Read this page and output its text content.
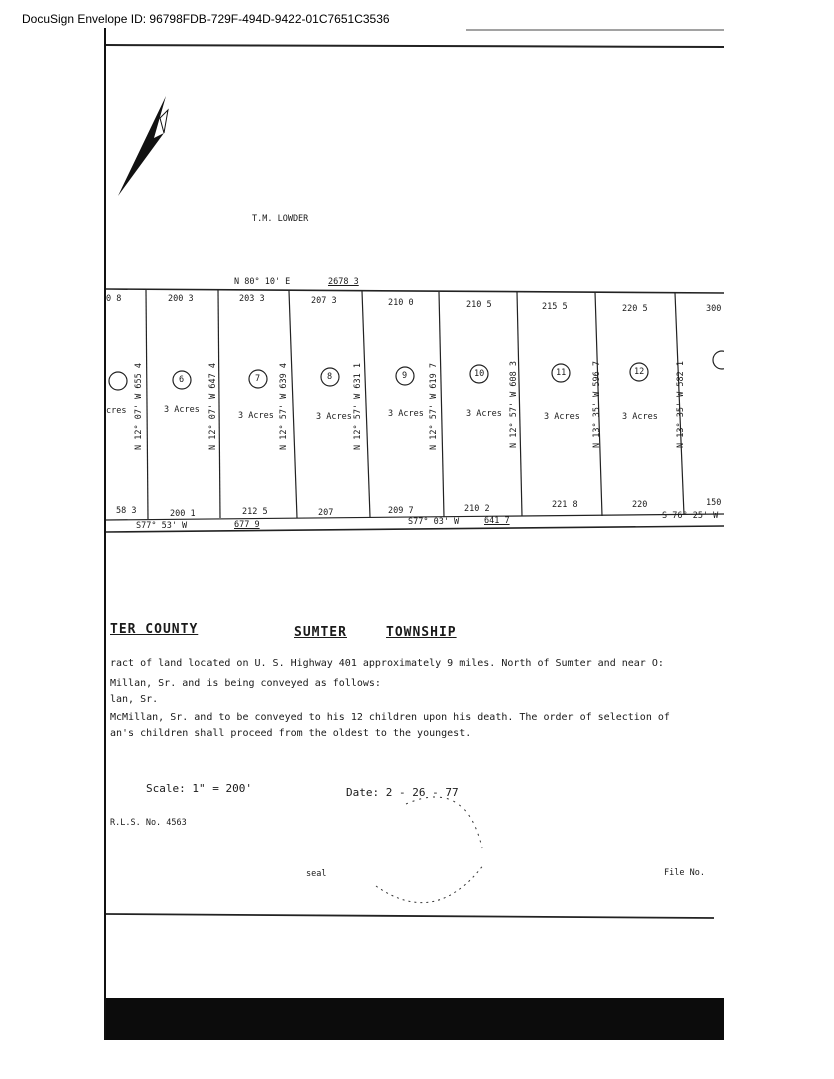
DocuSign Envelope ID: 96798FDB-729F-494D-9422-01C7651C3536
T.M. LOWDER
N 80° 10' E	2678 3
0 8	200 3	203 3	207 3	210 0	210 5	215 5	220 5	300
6	7	8	9	10	11	12
cres	3 Acres
3 Acres	3 Acres	3 Acres	3 Acres	3 Acres	3 Acres
N 12° 07' W 655 4	N 12° 07' W 647 4	N 12° 57' W 639 4	N 12° 57' W 631 1	N 12° 57' W 619 7	N 12° 57' W 608 3	N 13° 35' W 596 7	N 13° 35' W 582 1
58 3	200 1	212 5	207	209 7	210 2	221 8	220	150
S77° 53' W	677 9	S77° 03' W	641 7	S 76° 25' W
TER COUNTY	SUMTER	TOWNSHIP
ract of land located on U. S. Highway 401 approximately 9 miles. North of Sumter and near O:
Millan, Sr. and is being conveyed as follows:
lan, Sr.
McMillan, Sr. and to be conveyed to his 12 children upon his death. The order of selection of
an's children shall proceed from the oldest to the youngest.
Scale: 1" = 200'	Date: 2 - 26 - 77
R.L.S. No. 4563
seal	File No.
